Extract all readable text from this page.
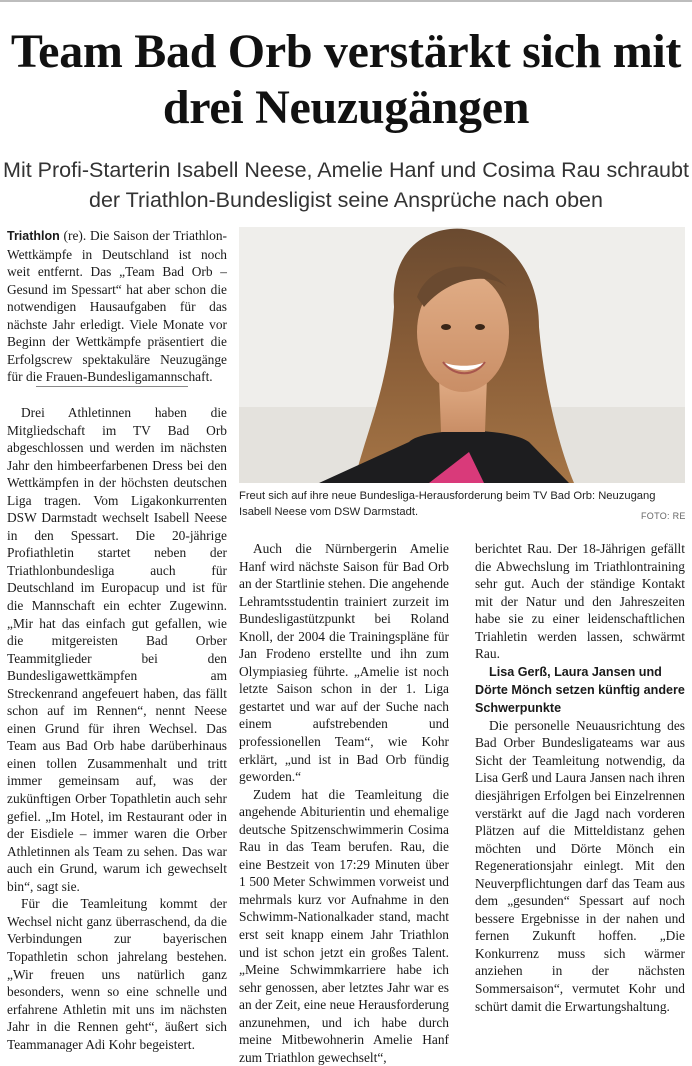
Team Bad Orb verstärkt sich mit drei Neuzugängen
Mit Profi-Starterin Isabell Neese, Amelie Hanf und Cosima Rau schraubt der Triathlon-Bundesligist seine Ansprüche nach oben

Triathlon (re). Die Saison der Triathlon-Wettkämpfe in Deutschland ist noch weit entfernt. Das „Team Bad Orb – Gesund im Spessart“ hat aber schon die notwendigen Hausaufgaben für das nächste Jahr erledigt. Viele Monate vor Beginn der Wettkämpfe präsentiert die Erfolgscrew spektakuläre Neuzugänge für die Frauen-Bundesligamannschaft.

Drei Athletinnen haben die Mitgliedschaft im TV Bad Orb abgeschlossen und werden im nächsten Jahr den himbeerfarbenen Dress bei den Wettkämpfen in der höchsten deutschen Liga tragen. Vom Ligakonkurrenten DSW Darmstadt wechselt Isabell Neese in den Spessart. Die 20-jährige Profiathletin startet neben der Triathlonbundesliga auch für Deutschland im Europacup und ist für die Mannschaft ein echter Zugewinn. „Mir hat das einfach gut gefallen, wie die mitgereisten Bad Orber Teammitglieder bei den Bundesligawettkämpfen am Streckenrand angefeuert haben, das fällt schon auf im Rennen“, nennt Neese einen Grund für ihren Wechsel. Das Team aus Bad Orb habe darüberhinaus einen tollen Zusammenhalt und tritt immer gemeinsam auf, was der zukünftigen Orber Topathletin auch sehr gefiel. „Im Hotel, im Restaurant oder in der Eisdiele – immer waren die Orber Athletinnen als Team zu sehen. Das war auch ein Grund, warum ich gewechselt bin“, sagt sie.

Für die Teamleitung kommt der Wechsel nicht ganz überraschend, da die Verbindungen zur bayerischen Topathletin schon jahrelang bestehen. „Wir freuen uns natürlich ganz besonders, wenn so eine schnelle und erfahrene Athletin mit uns im nächsten Jahr in die Rennen geht“, äußert sich Teammanager Adi Kohr begeistert.

Freut sich auf ihre neue Bundesliga-Herausforderung beim TV Bad Orb: Neuzugang Isabell Neese vom DSW Darmstadt.	FOTO: RE

Auch die Nürnbergerin Amelie Hanf wird nächste Saison für Bad Orb an der Startlinie stehen. Die angehende Lehramtsstudentin trainiert zurzeit im Bundesligastützpunkt bei Roland Knoll, der 2004 die Trainingspläne für Jan Frodeno erstellte und ihn zum Olympiasieg führte. „Amelie ist noch letzte Saison schon in der 1. Liga gestartet und war auf der Suche nach einem aufstrebenden und professionellen Team“, wie Kohr erklärt, „und ist in Bad Orb fündig geworden.“

Zudem hat die Teamleitung die angehende Abiturientin und ehemalige deutsche Spitzenschwimmerin Cosima Rau in das Team berufen. Rau, die eine Bestzeit von 17:29 Minuten über 1 500 Meter Schwimmen vorweist und mehrmals kurz vor Aufnahme in den Schwimm-Nationalkader stand, macht erst seit knapp einem Jahr Triathlon und ist schon jetzt ein großes Talent. „Meine Schwimmkarriere habe ich sehr genossen, aber letztes Jahr war es an der Zeit, eine neue Herausforderung anzunehmen, und ich habe durch meine Mitbewohnerin Amelie Hanf zum Triathlon gewechselt“,

berichtet Rau. Der 18-Jährigen gefällt die Abwechslung im Triathlontraining sehr gut. Auch der ständige Kontakt mit der Natur und den Jahreszeiten habe sie zu einer leidenschaftlichen Triahletin werden lassen, schwärmt Rau.

Lisa Gerß, Laura Jansen und Dörte Mönch setzen künftig andere Schwerpunkte

Die personelle Neuausrichtung des Bad Orber Bundesligateams war aus Sicht der Teamleitung notwendig, da Lisa Gerß und Laura Jansen nach ihren diesjährigen Erfolgen bei Einzelrennen verstärkt auf die Jagd nach vorderen Plätzen auf die Mitteldistanz gehen möchten und Dörte Mönch ein Regenerationsjahr einlegt. Mit den Neuverpflichtungen darf das Team aus dem „gesunden“ Spessart auf noch bessere Ergebnisse in der nahen und fernen Zukunft hoffen. „Die Konkurrenz muss sich wärmer anziehen in der nächsten Sommersaison“, vermutet Kohr und schürt damit die Erwartungshaltung.
